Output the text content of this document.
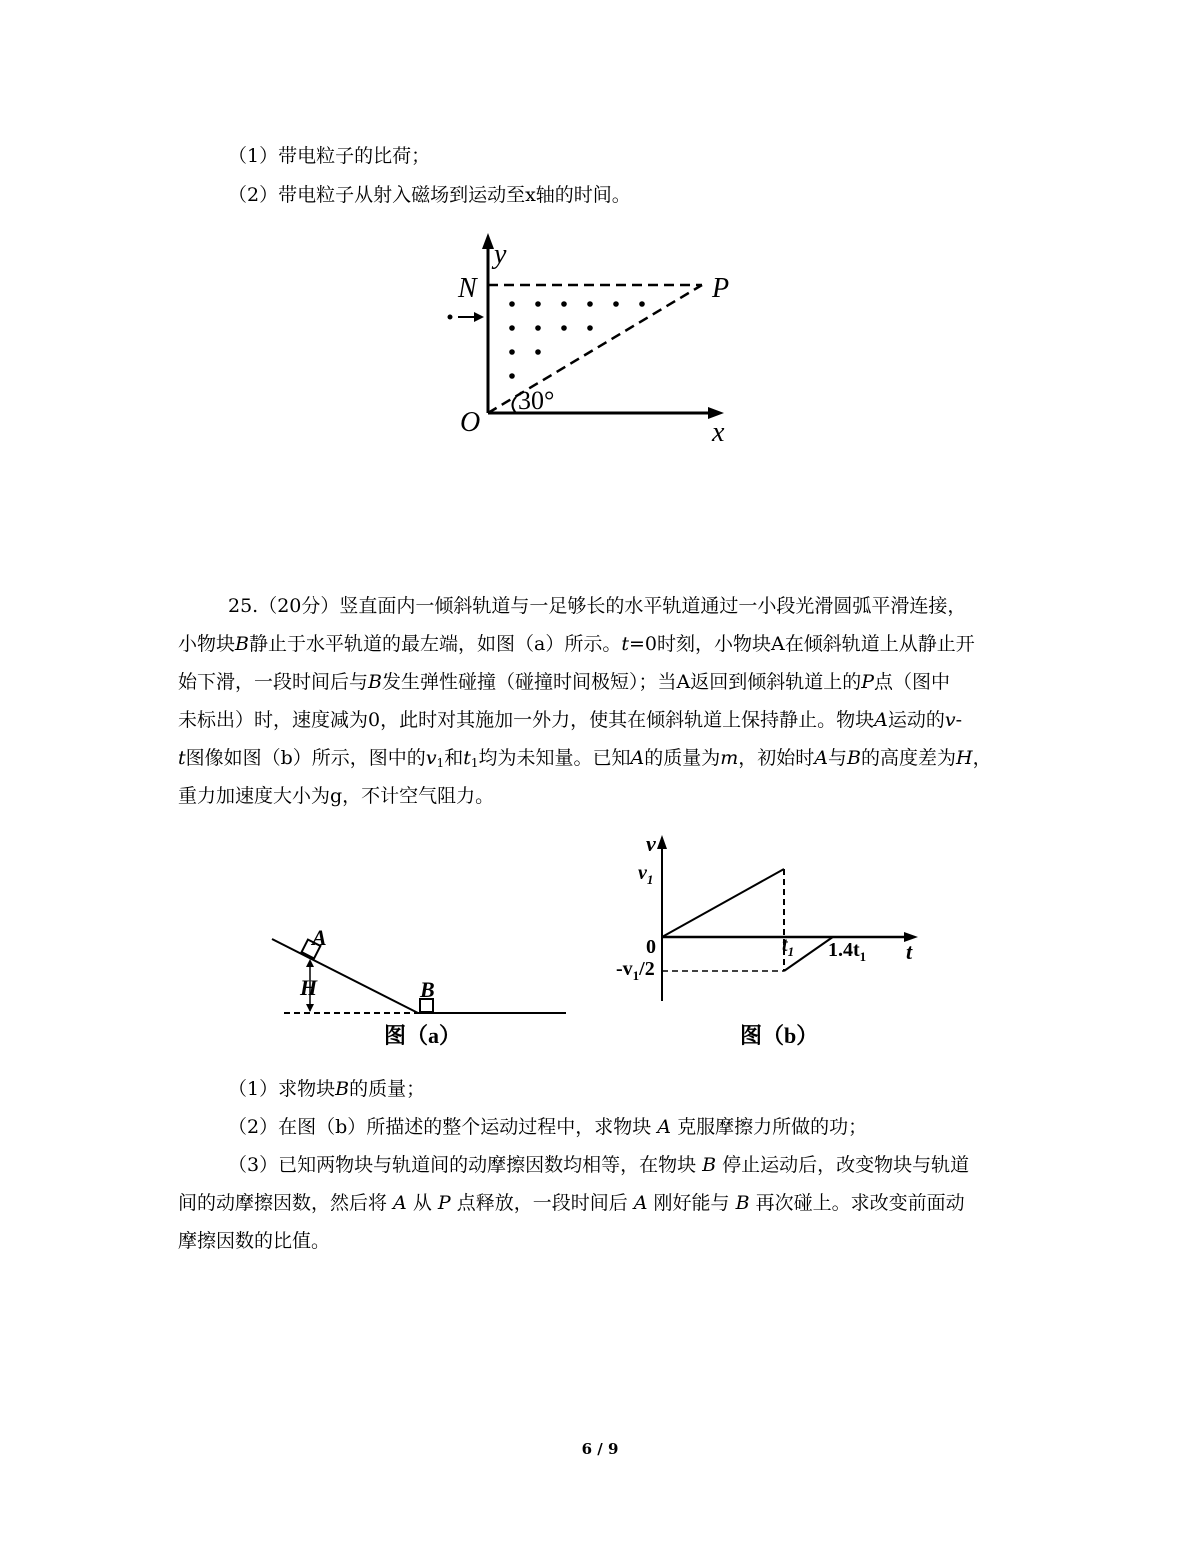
（1）带电粒子的比荷；
（2）带电粒子从射入磁场到运动至x轴的时间。
y
N	P
O	x
30°
25.（20分）竖直面内一倾斜轨道与一足够长的水平轨道通过一小段光滑圆弧平滑连接，
小物块B静止于水平轨道的最左端，如图（a）所示。t=0时刻，小物块A在倾斜轨道上从静止开
始下滑，一段时间后与B发生弹性碰撞（碰撞时间极短）；当A返回到倾斜轨道上的P点（图中
未标出）时，速度减为0，此时对其施加一外力，使其在倾斜轨道上保持静止。物块A运动的v-
t图像如图（b）所示，图中的$v_1$和$t_1$均为未知量。已知A的质量为m，初始时A与B的高度差为H，
重力加速度大小为g，不计空气阻力。
A
B
H
图（a）
v
$v_1$
0
$-v_1/2$
$t_1$ $1.4t_1$ t
图（b）
（1）求物块B的质量；
（2）在图（b）所描述的整个运动过程中，求物块 A 克服摩擦力所做的功；
（3）已知两物块与轨道间的动摩擦因数均相等，在物块 B 停止运动后，改变物块与轨道
间的动摩擦因数，然后将 A 从 P 点释放，一段时间后 A 刚好能与 B 再次碰上。求改变前面动
摩擦因数的比值。
6 / 9
